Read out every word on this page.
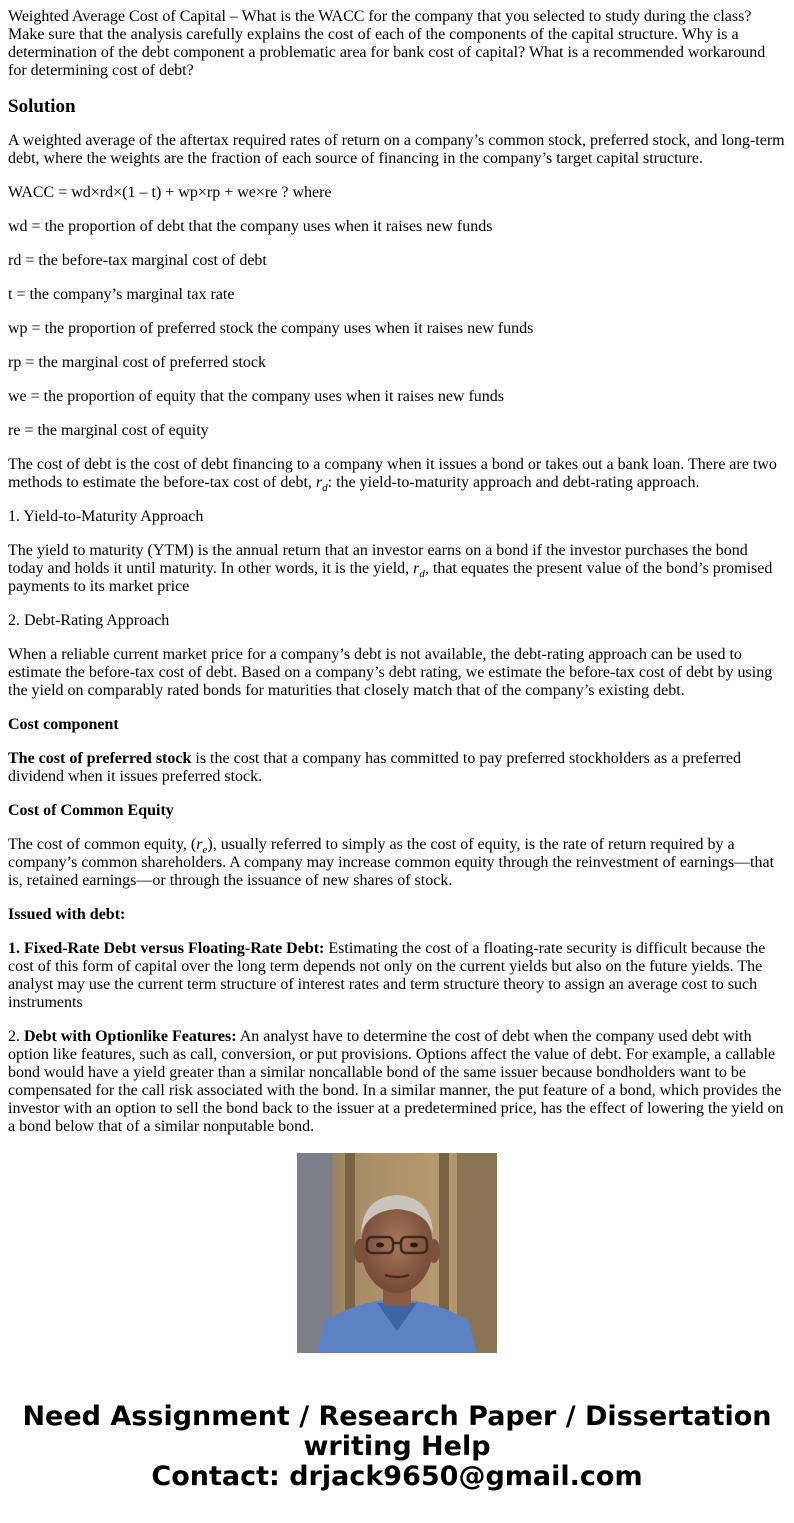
Weighted Average Cost of Capital – What is the WACC for the company that you selected to study during the class? Make sure that the analysis carefully explains the cost of each of the components of the capital structure. Why is a determination of the debt component a problematic area for bank cost of capital? What is a recommended workaround for determining cost of debt?

Solution

A weighted average of the aftertax required rates of return on a company’s common stock, preferred stock, and long-term debt, where the weights are the fraction of each source of financing in the company’s target capital structure.

WACC = wd×rd×(1 – t) + wp×rp + we×re ? where

wd = the proportion of debt that the company uses when it raises new funds

rd = the before-tax marginal cost of debt

t = the company’s marginal tax rate

wp = the proportion of preferred stock the company uses when it raises new funds

rp = the marginal cost of preferred stock

we = the proportion of equity that the company uses when it raises new funds

re = the marginal cost of equity

The cost of debt is the cost of debt financing to a company when it issues a bond or takes out a bank loan. There are two methods to estimate the before-tax cost of debt, $r_d$: the yield-to-maturity approach and debt-rating approach.

1. Yield-to-Maturity Approach

The yield to maturity (YTM) is the annual return that an investor earns on a bond if the investor purchases the bond today and holds it until maturity. In other words, it is the yield, $r_d$, that equates the present value of the bond’s promised payments to its market price

2. Debt-Rating Approach

When a reliable current market price for a company’s debt is not available, the debt-rating approach can be used to estimate the before-tax cost of debt. Based on a company’s debt rating, we estimate the before-tax cost of debt by using the yield on comparably rated bonds for maturities that closely match that of the company’s existing debt.

Cost component

The cost of preferred stock is the cost that a company has committed to pay preferred stockholders as a preferred dividend when it issues preferred stock.

Cost of Common Equity

The cost of common equity, $(r_e)$, usually referred to simply as the cost of equity, is the rate of return required by a company’s common shareholders. A company may increase common equity through the reinvestment of earnings—that is, retained earnings—or through the issuance of new shares of stock.

Issued with debt:

1. Fixed-Rate Debt versus Floating-Rate Debt: Estimating the cost of a floating-rate security is difficult because the cost of this form of capital over the long term depends not only on the current yields but also on the future yields. The analyst may use the current term structure of interest rates and term structure theory to assign an average cost to such instruments

2. Debt with Optionlike Features: An analyst have to determine the cost of debt when the company used debt with option like features, such as call, conversion, or put provisions. Options affect the value of debt. For example, a callable bond would have a yield greater than a similar noncallable bond of the same issuer because bondholders want to be compensated for the call risk associated with the bond. In a similar manner, the put feature of a bond, which provides the investor with an option to sell the bond back to the issuer at a predetermined price, has the effect of lowering the yield on a bond below that of a similar nonputable bond.

Need Assignment / Research Paper / Dissertation
writing Help
Contact: drjack9650@gmail.com
